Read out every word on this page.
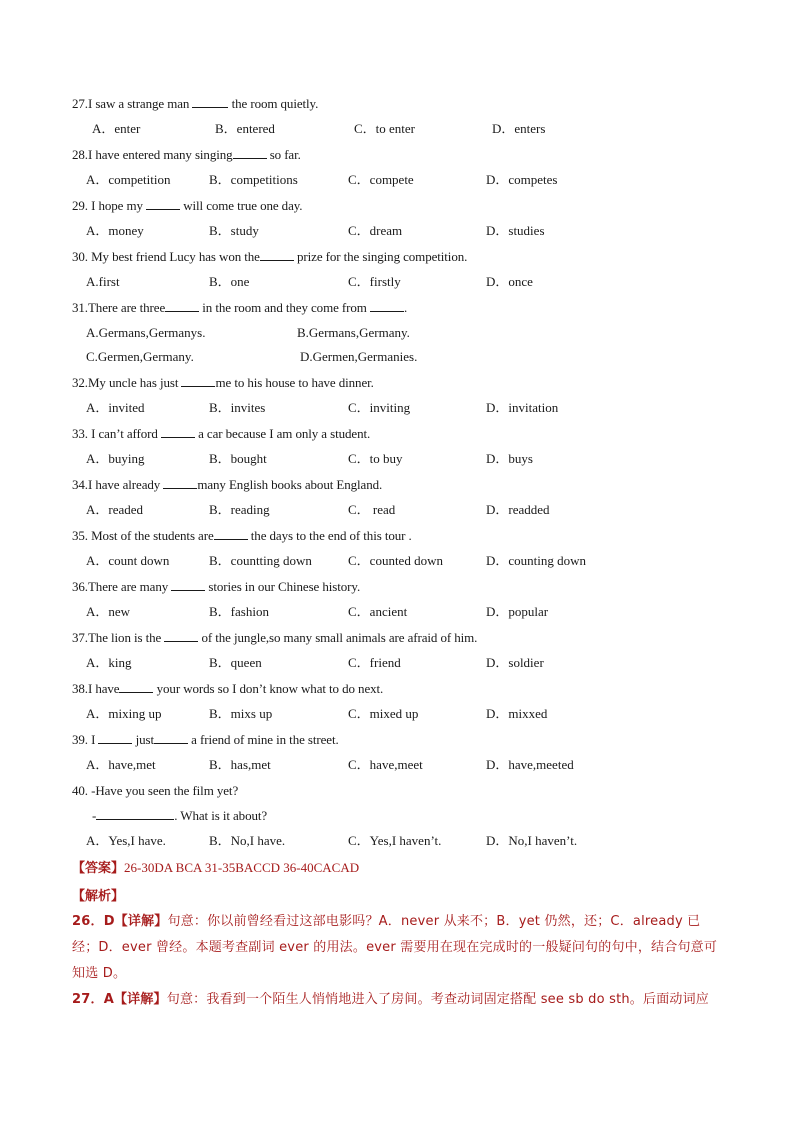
27.I saw a strange man	the room quietly.
A．enter	B．entered	C．to enter	D．enters
28.I have entered many singing	so far.
A．competition	B．competitions	C．compete	D．competes
29. I hope my	will come true one day.
A．money	B．study	C．dream	D．studies
30. My best friend Lucy has won the	prize for the singing competition.
A.first	B．one	C．firstly	D．once
31.There are three	in the room and they come from	.
A.Germans,Germanys.	B.Germans,Germany.
C.Germen,Germany.	D.Germen,Germanies.
32.My uncle has just	me to his house to have dinner.
A．invited	B．invites	C．inviting	D．invitation
33. I can’t afford	a car because I am only a student.
A．buying	B．bought	C．to buy	D．buys
34.I have already	many English books about England.
A．readed	B．reading	C． read	D．readded
35. Most of the students are	the days to the end of this tour .
A．count down	B．countting down	C．counted down	D．counting down
36.There are many	stories in our Chinese history.
A．new	B．fashion	C．ancient	D．popular
37.The lion is the	of the jungle,so many small animals are afraid of him.
A．king	B．queen	C．friend	D．soldier
38.I have	your words so I don’t know what to do next.
A．mixing up	B．mixs up	C．mixed up	D．mixxed
39. I	just	a friend of mine in the street.
A．have,met	B．has,met	C．have,meet	D．have,meeted
40. -Have you seen the film yet?
-	. What is it about?
A．Yes,I have.	B．No,I have.	C．Yes,I haven’t.	D．No,I haven’t.
【答案】26-30DA BCA 31-35BACCD 36-40CACAD
【解析】
26．D【详解】句意：你以前曾经看过这部电影吗？A．never 从来不；B．yet 仍然，还；C．already 已经；D．ever 曾经。本题考查副词 ever 的用法。ever 需要用在现在完成时的一般疑问句的句中，结合句意可知选 D。
27．A【详解】句意：我看到一个陌生人悄悄地进入了房间。考查动词固定搭配 see sb do sth。后面动词应
